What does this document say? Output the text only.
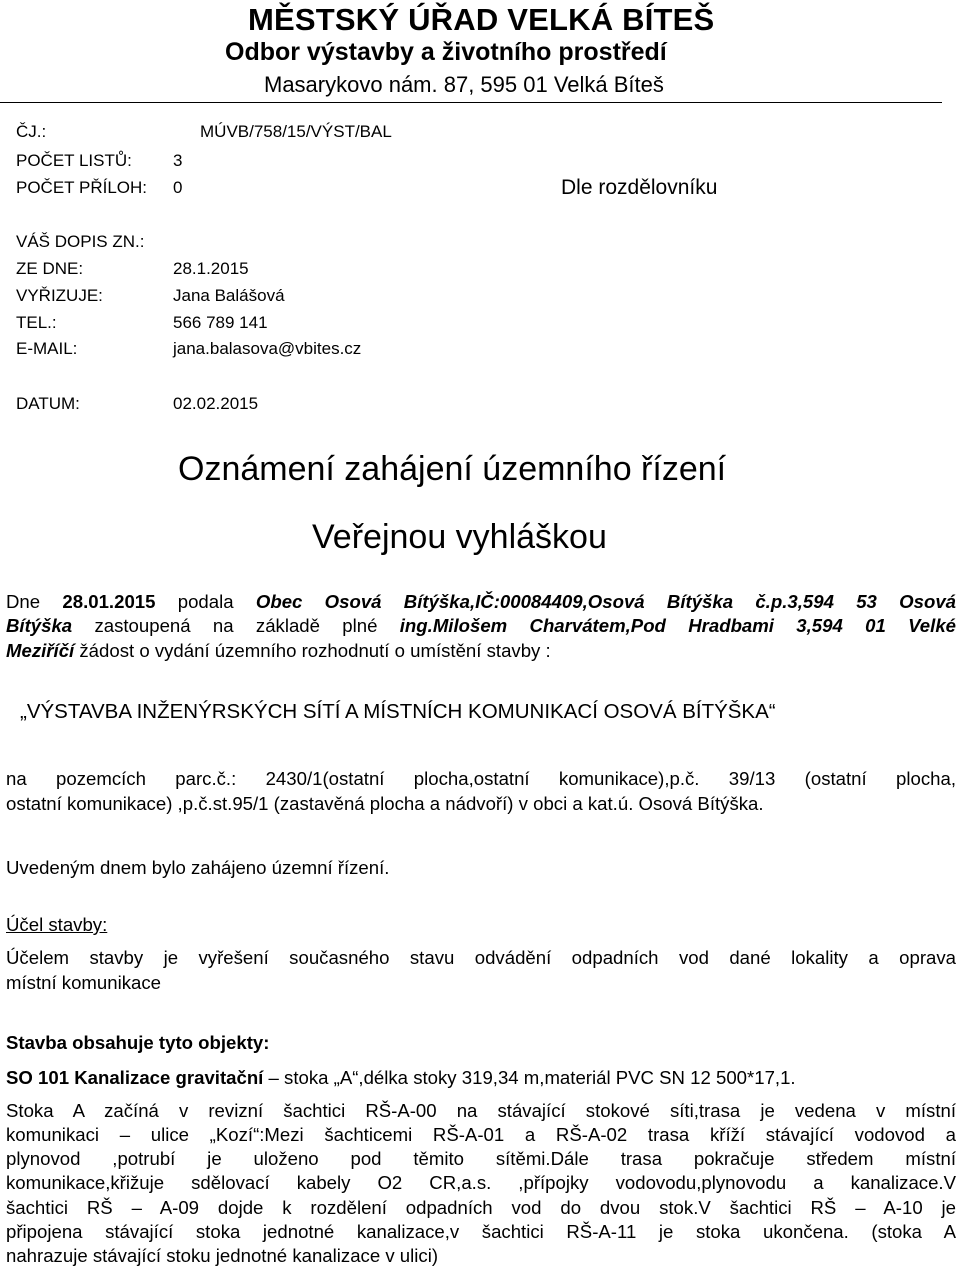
MĚSTSKÝ ÚŘAD VELKÁ BÍTEŠ
Odbor výstavby a životního prostředí
Masarykovo nám. 87, 595 01 Velká Bíteš
ČJ.:	MÚVB/758/15/VÝST/BAL
POČET LISTŮ: 3
POČET PŘÍLOH: 0	Dle rozdělovníku
VÁŠ DOPIS ZN.:
ZE DNE:	28.1.2015
VYŘIZUJE:	Jana Balášová
TEL.:	566 789 141
E-MAIL:	jana.balasova@vbites.cz
DATUM:	02.02.2015
Oznámení zahájení územního řízení
Veřejnou vyhláškou
Dne 28.01.2015 podala Obec Osová Bítýška,IČ:00084409,Osová Bítýška č.p.3,594 53 Osová
Bítýška zastoupená na základě plné ing.Milošem Charvátem,Pod Hradbami 3,594 01 Velké
Meziříčí žádost o vydání územního rozhodnutí o umístění stavby :
„VÝSTAVBA INŽENÝRSKÝCH SÍTÍ A MÍSTNÍCH KOMUNIKACÍ OSOVÁ BÍTÝŠKA“
na pozemcích parc.č.: 2430/1(ostatní plocha,ostatní komunikace),p.č. 39/13 (ostatní plocha,
ostatní komunikace) ,p.č.st.95/1 (zastavěná plocha a nádvoří) v obci a kat.ú. Osová Bítýška.
Uvedeným dnem bylo zahájeno územní řízení.
Účel stavby:
Účelem stavby je vyřešení současného stavu odvádění odpadních vod dané lokality a oprava
místní komunikace
Stavba obsahuje tyto objekty:
SO 101 Kanalizace gravitační – stoka „A“,délka stoky 319,34 m,materiál PVC SN 12 500*17,1.
Stoka A začíná v revizní šachtici RŠ-A-00 na stávající stokové síti,trasa je vedena v místní
komunikaci – ulice „Kozí“:Mezi šachticemi RŠ-A-01 a RŠ-A-02 trasa kříží stávající vodovod a
plynovod ,potrubí je uloženo pod těmito sítěmi.Dále trasa pokračuje středem místní
komunikace,křižuje sdělovací kabely O2 CR,a.s. ,přípojky vodovodu,plynovodu a kanalizace.V
šachtici RŠ – A-09 dojde k rozdělení odpadních vod do dvou stok.V šachtici RŠ – A-10 je
připojena stávající stoka jednotné kanalizace,v šachtici RŠ-A-11 je stoka ukončena. (stoka A
nahrazuje stávající stoku jednotné kanalizace v ulici)
